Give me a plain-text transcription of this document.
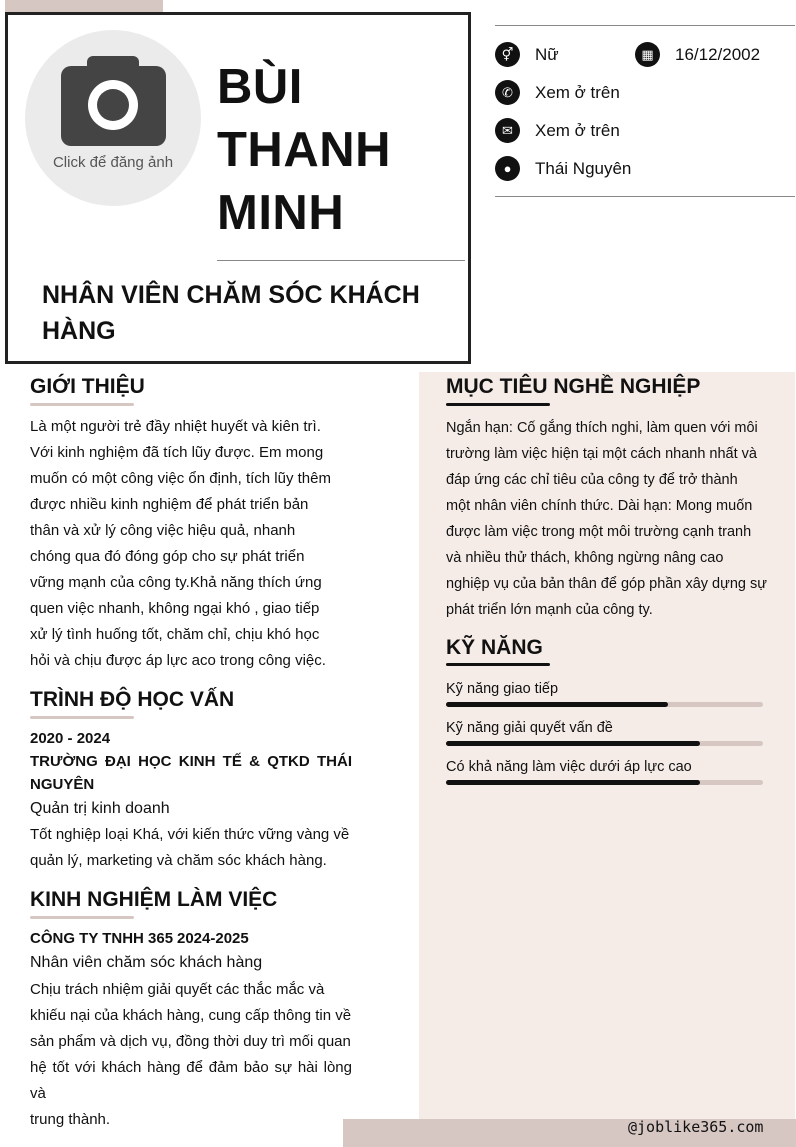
Click để đăng ảnh
BÙI
THANH
MINH
NHÂN VIÊN CHĂM SÓC KHÁCH
HÀNG
⚥	Nữ	▦	16/12/2002
✆	Xem ở trên
✉	Xem ở trên
●	Thái Nguyên
GIỚI THIỆU
Là một người trẻ đầy nhiệt huyết và kiên trì.
Với kinh nghiệm đã tích lũy được. Em mong
muốn có một công việc ổn định, tích lũy thêm
được nhiều kinh nghiệm để phát triển bản
thân và xử lý công việc hiệu quả, nhanh
chóng qua đó đóng góp cho sự phát triển
vững mạnh của công ty.Khả năng thích ứng
quen việc nhanh, không ngại khó , giao tiếp
xử lý tình huống tốt, chăm chỉ, chịu khó học
hỏi và chịu được áp lực aco trong công việc.
TRÌNH ĐỘ HỌC VẤN
2020 - 2024
TRƯỜNG ĐẠI HỌC KINH TẾ & QTKD THÁI
NGUYÊN
Quản trị kinh doanh
Tốt nghiệp loại Khá, với kiến thức vững vàng về
quản lý, marketing và chăm sóc khách hàng.
KINH NGHIỆM LÀM VIỆC
CÔNG TY TNHH 365 2024-2025
Nhân viên chăm sóc khách hàng
Chịu trách nhiệm giải quyết các thắc mắc và
khiếu nại của khách hàng, cung cấp thông tin về
sản phẩm và dịch vụ, đồng thời duy trì mối quan
hệ tốt với khách hàng để đảm bảo sự hài lòng và
trung thành.
MỤC TIÊU NGHỀ NGHIỆP
Ngắn hạn: Cố gắng thích nghi, làm quen với môi
trường làm việc hiện tại một cách nhanh nhất và
đáp ứng các chỉ tiêu của công ty để trở thành
một nhân viên chính thức. Dài hạn: Mong muốn
được làm việc trong một môi trường cạnh tranh
và nhiều thử thách, không ngừng nâng cao
nghiệp vụ của bản thân để góp phần xây dựng sự
phát triển lớn mạnh của công ty.
KỸ NĂNG
Kỹ năng giao tiếp
Kỹ năng giải quyết vấn đề
Có khả năng làm việc dưới áp lực cao
@joblike365.com
